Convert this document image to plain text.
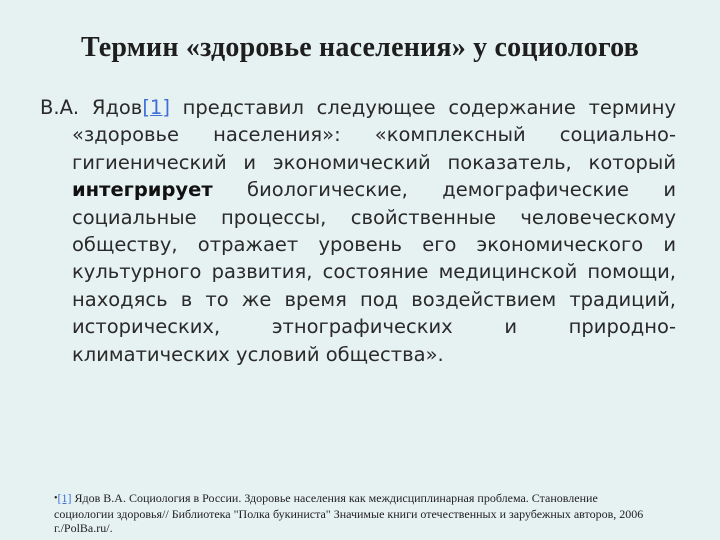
Термин «здоровье населения» у социологов

В.А. Ядов[1] представил следующее содержание термину «здоровье населения»: «комплексный социально-гигиенический и экономический показатель, который интегрирует биологические, демографические и социальные процессы, свойственные человеческому обществу, отражает уровень его экономического и культурного развития, состояние медицинской помощи, находясь в то же время под воздействием традиций, исторических, этнографических и природно-климатических условий общества».

•[1] Ядов В.А. Социология в России. Здоровье населения как междисциплинарная проблема. Становление социологии здоровья// Библиотека "Полка букиниста" Значимые книги отечественных и зарубежных авторов, 2006 г./PolBa.ru/.
